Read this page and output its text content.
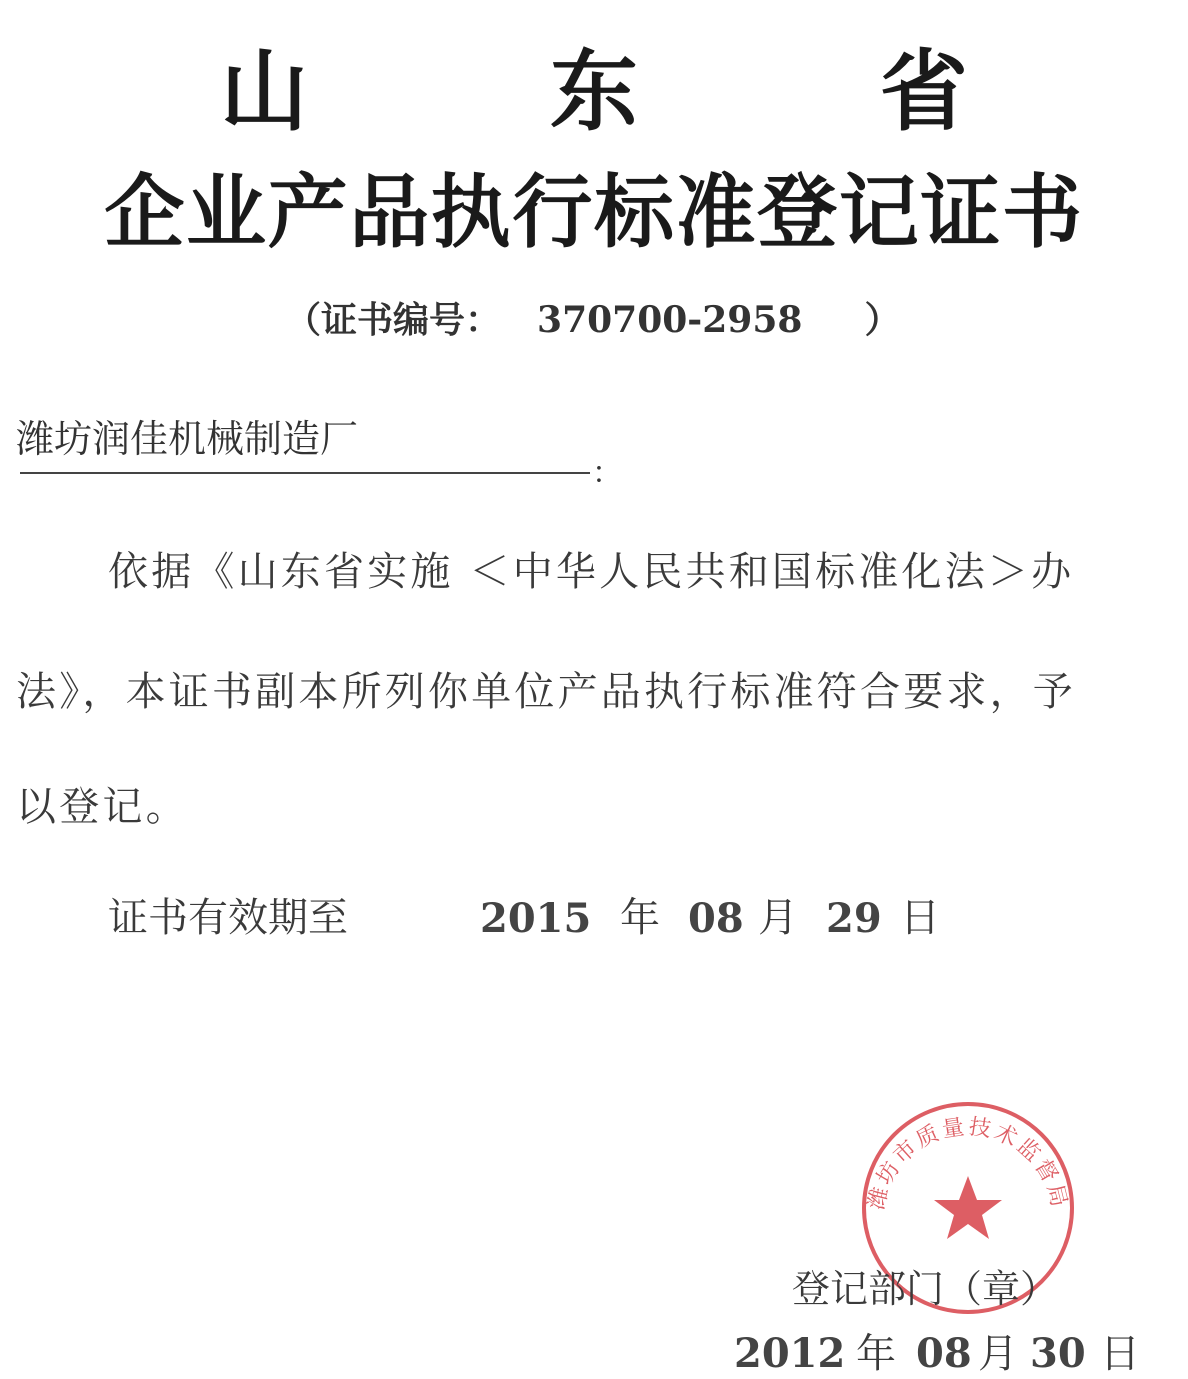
山 东 省
企业产品执行标准登记证书
（证书编号： 370700-2958 ）
潍坊润佳机械制造厂
：
依据《山东省实施 ＜中华人民共和国标准化法＞办
法》，本证书副本所列你单位产品执行标准符合要求，予
以登记。
证书有效期至	2015 年 08 月 29 日
潍坊市质量技术监督局
登记部门（章）
2012 年 08 月 30 日
